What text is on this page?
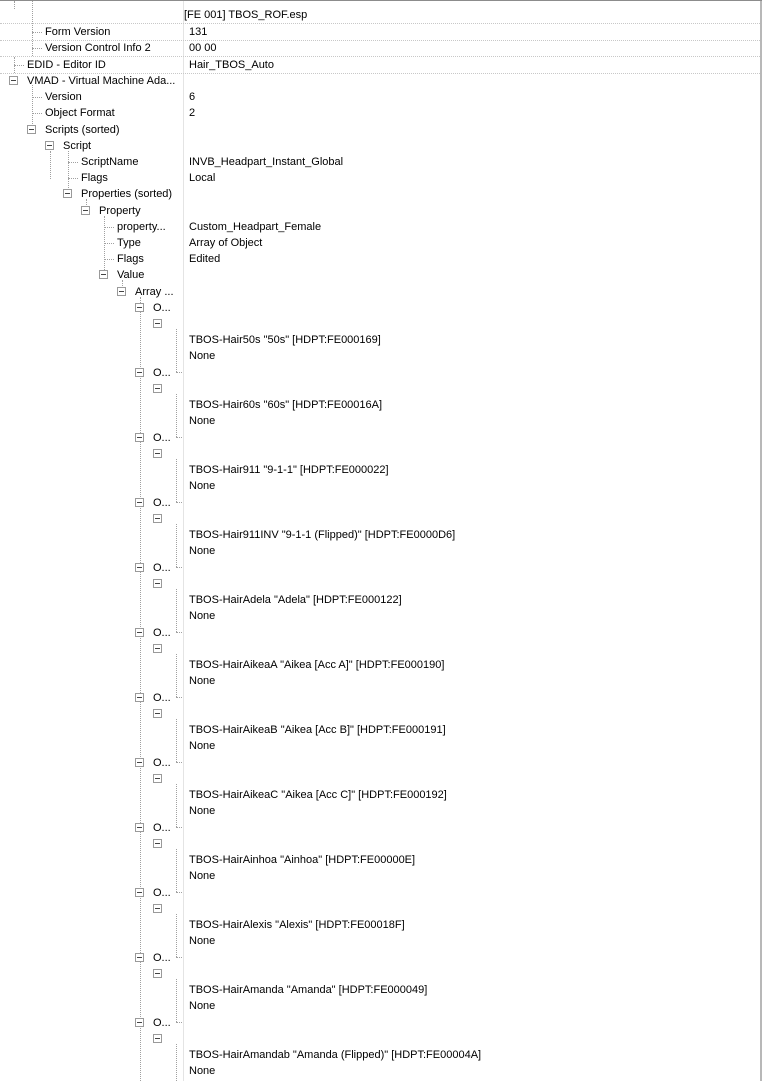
[FE 001] TBOS_ROF.esp
Form Version	131
Version Control Info 2	00 00
EDID - Editor ID	Hair_TBOS_Auto
VMAD - Virtual Machine Ada...
Version	6
Object Format	2
Scripts (sorted)
Script
ScriptName	INVB_Headpart_Instant_Global
Flags	Local
Properties (sorted)
Property
property... Custom_Headpart_Female
Type	Array of Object
Flags	Edited
Value
Array ...
O...
TBOS-Hair50s "50s" [HDPT:FE000169]
None
O...
TBOS-Hair60s "60s" [HDPT:FE00016A]
None
O...
TBOS-Hair911 "9-1-1" [HDPT:FE000022]
None
O...
TBOS-Hair911INV "9-1-1 (Flipped)" [HDPT:FE0000D6]
None
O...
TBOS-HairAdela "Adela" [HDPT:FE000122]
None
O...
TBOS-HairAikeaA "Aikea [Acc A]" [HDPT:FE000190]
None
O...
TBOS-HairAikeaB "Aikea [Acc B]" [HDPT:FE000191]
None
O...
TBOS-HairAikeaC "Aikea [Acc C]" [HDPT:FE000192]
None
O...
TBOS-HairAinhoa "Ainhoa" [HDPT:FE00000E]
None
O...
TBOS-HairAlexis "Alexis" [HDPT:FE00018F]
None
O...
TBOS-HairAmanda "Amanda" [HDPT:FE000049]
None
O...
TBOS-HairAmandab "Amanda (Flipped)" [HDPT:FE00004A]
None
